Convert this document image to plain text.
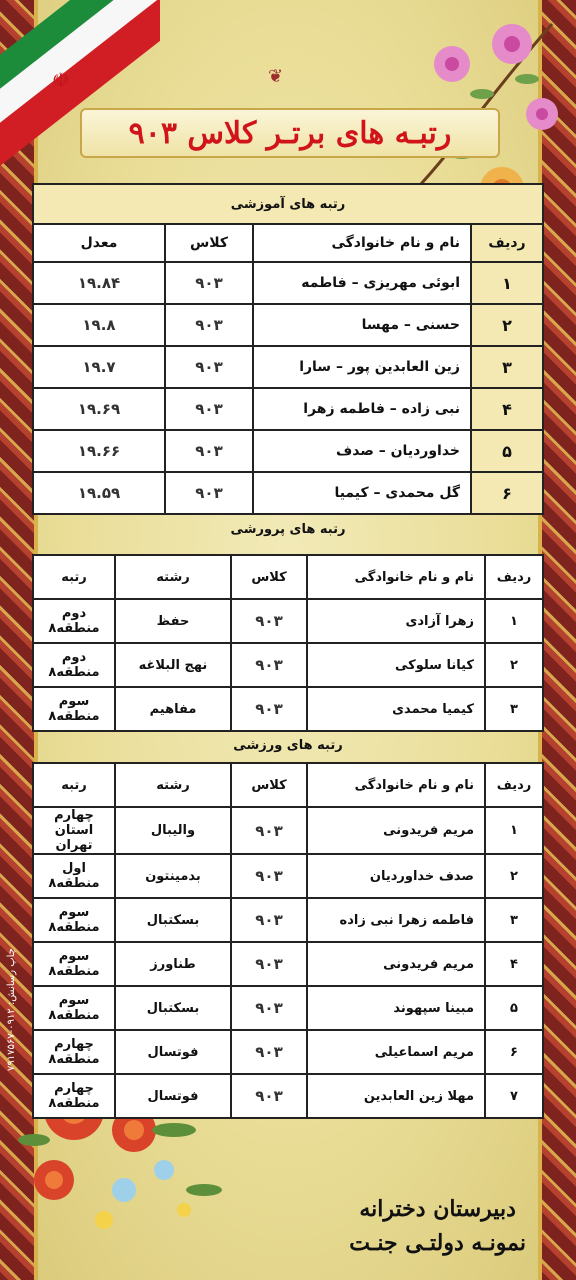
☫	❦
رتبـه های برتـر کلاس ۹۰۳
رتبه های آموزشی			
ردیف	نام و نام خانوادگی	کلاس	معدل
۱	ابوئی مهریزی – فاطمه	۹۰۳	۱۹.۸۴
۲	حسنی – مهسا	۹۰۳	۱۹.۸
۳	زین العابدین پور – سارا	۹۰۳	۱۹.۷
۴	نبی زاده – فاطمه زهرا	۹۰۳	۱۹.۶۹
۵	خداوردیان – صدف	۹۰۳	۱۹.۶۶
۶	گل محمدی – کیمیا	۹۰۳	۱۹.۵۹
رتبه های پرورشی
ردیف	نام و نام خانوادگی	کلاس	رشته	رتبه
۱	زهرا آزادی	۹۰۳	حفظ	دوم منطقه۸
۲	کیانا سلوکی	۹۰۳	نهج البلاغه	دوم منطقه۸
۳	کیمیا محمدی	۹۰۳	مفاهیم	سوم منطقه۸
رتبه های ورزشی
ردیف	نام و نام خانوادگی	کلاس	رشته	رتبه
۱	مریم فریدونی	۹۰۳	والیبال	چهارم استان تهران
۲	صدف خداوردیان	۹۰۳	بدمینتون	اول منطقه۸
۳	فاطمه زهرا نبی زاده	۹۰۳	بسکتبال	سوم منطقه۸
۴	مریم فریدونی	۹۰۳	طناورز	سوم منطقه۸
۵	مبینا سپهوند	۹۰۳	بسکتبال	سوم منطقه۸
۶	مریم اسماعیلی	۹۰۳	فوتسال	چهارم منطقه۸
۷	مهلا زین العابدین	۹۰۳	فوتسال	چهارم منطقه۸
چاپ رسانش: ۰۹۱۲-۷۹۱۷۵۶۷
دبیرستان دخترانه
نمونـه دولتـی جنـت
